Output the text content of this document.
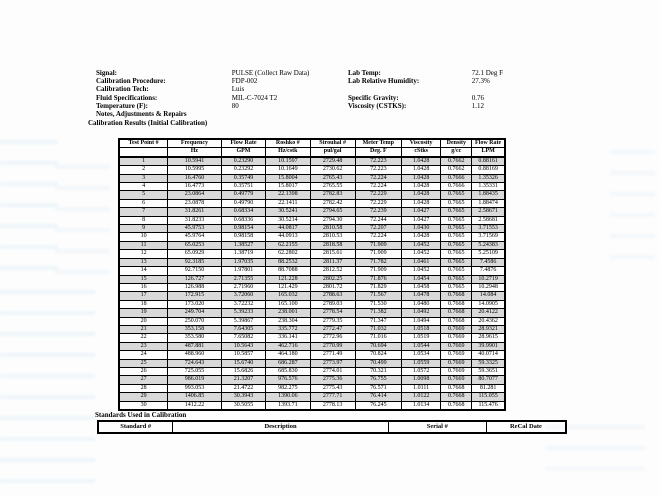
Signal:	PULSE (Collect Raw Data)
Calibration Procedure:	FDP-002
Calibration Tech:	Luis
Fluid Specifications:	MIL-C-7024 T2
Temperature (F):	80
Lab Temp:	72.1 Deg F
Lab Relative Humidity:	27.3%

Specific Gravity:	0.76
Viscosity (CSTKS):	1.12
Notes, Adjustments & Repairs
Calibration Results (Initial Calibration)
Test Point #	Frequency	Flow Rate	Roshko #	Strouhal #	Meter Temp	Viscosity	Density	Flow Rate
	Hz	GPM	Hz/cstk	pul/gal	Deg. F	cStks	g/cc	LPM
1	10.5941	0.23290	10.1597	2729.48	72.223	1.0428	0.7662	0.88161
2	10.5995	0.23292	10.1649	2730.62	72.223	1.0428	0.7662	0.88169
3	16.4760	0.35749	15.8004	2765.43	72.224	1.0428	0.7666	1.35326
4	16.4773	0.35751	15.8017	2765.55	72.224	1.0428	0.7666	1.35331
5	23.0864	0.49779	22.1398	2782.83	72.229	1.0428	0.7665	1.88435
6	23.0878	0.49790	22.1411	2782.42	72.229	1.0428	0.7665	1.88474
7	31.8261	0.68334	30.5241	2794.65	72.239	1.0427	0.7665	2.58671
8	31.8233	0.68336	30.5214	2794.30	72.244	1.0427	0.7665	2.58681
9	45.9753	0.98154	44.0817	2810.58	72.207	1.0430	0.7665	3.71553
10	45.9764	0.98158	44.0913	2810.53	72.224	1.0428	0.7665	3.71569
11	65.0253	1.38527	62.2155	2818.58	71.909	1.0452	0.7665	5.24383
12	65.0929	1.38719	62.2802	2815.61	71.909	1.0452	0.7665	5.25109
13	92.3185	1.97035	88.2532	2811.37	71.782	1.0461	0.7665	7.4586
14	92.7150	1.97801	88.7088	2812.52	71.909	1.0452	0.7665	7.4876
15	126.727	2.71355	121.228	2802.25	71.876	1.0454	0.7665	10.2719
16	126.988	2.71960	121.429	2801.72	71.829	1.0458	0.7665	10.2948
17	172.915	3.72060	165.032	2788.63	71.567	1.0478	0.7668	14.084
18	173.020	3.72232	165.100	2789.03	71.530	1.0480	0.7668	14.0905
19	249.704	5.39233	238.001	2778.54	71.382	1.0492	0.7668	20.4122
20	250.070	5.39867	238.304	2779.35	71.347	1.0494	0.7668	20.4362
21	353.158	7.64305	335.772	2772.47	71.032	1.0518	0.7669	28.9321
22	353.580	7.65082	336.141	2772.96	71.016	1.0519	0.7669	28.9615
23	487.881	10.5643	462.716	2770.99	70.694	1.0544	0.7669	39.9901
24	488.960	10.5857	464.180	2771.49	70.824	1.0534	0.7669	40.0714
25	724.643	15.6740	686.287	2773.97	70.499	1.0559	0.7669	59.3325
26	725.055	15.6826	685.830	2774.01	70.321	1.0572	0.7669	59.3651
27	986.019	21.3207	976.576	2775.36	76.755	1.0098	0.7669	80.7077
28	993.053	21.4722	982.275	2775.43	76.571	1.0111	0.7668	81.281
29	1406.85	30.3943	1390.06	2777.71	76.414	1.0122	0.7668	115.055
30	1412.22	30.5055	1393.71	2778.13	76.245	1.0134	0.7668	115.476
Standards Used in Calibration
Standard #	Description	Serial #	ReCal Date
